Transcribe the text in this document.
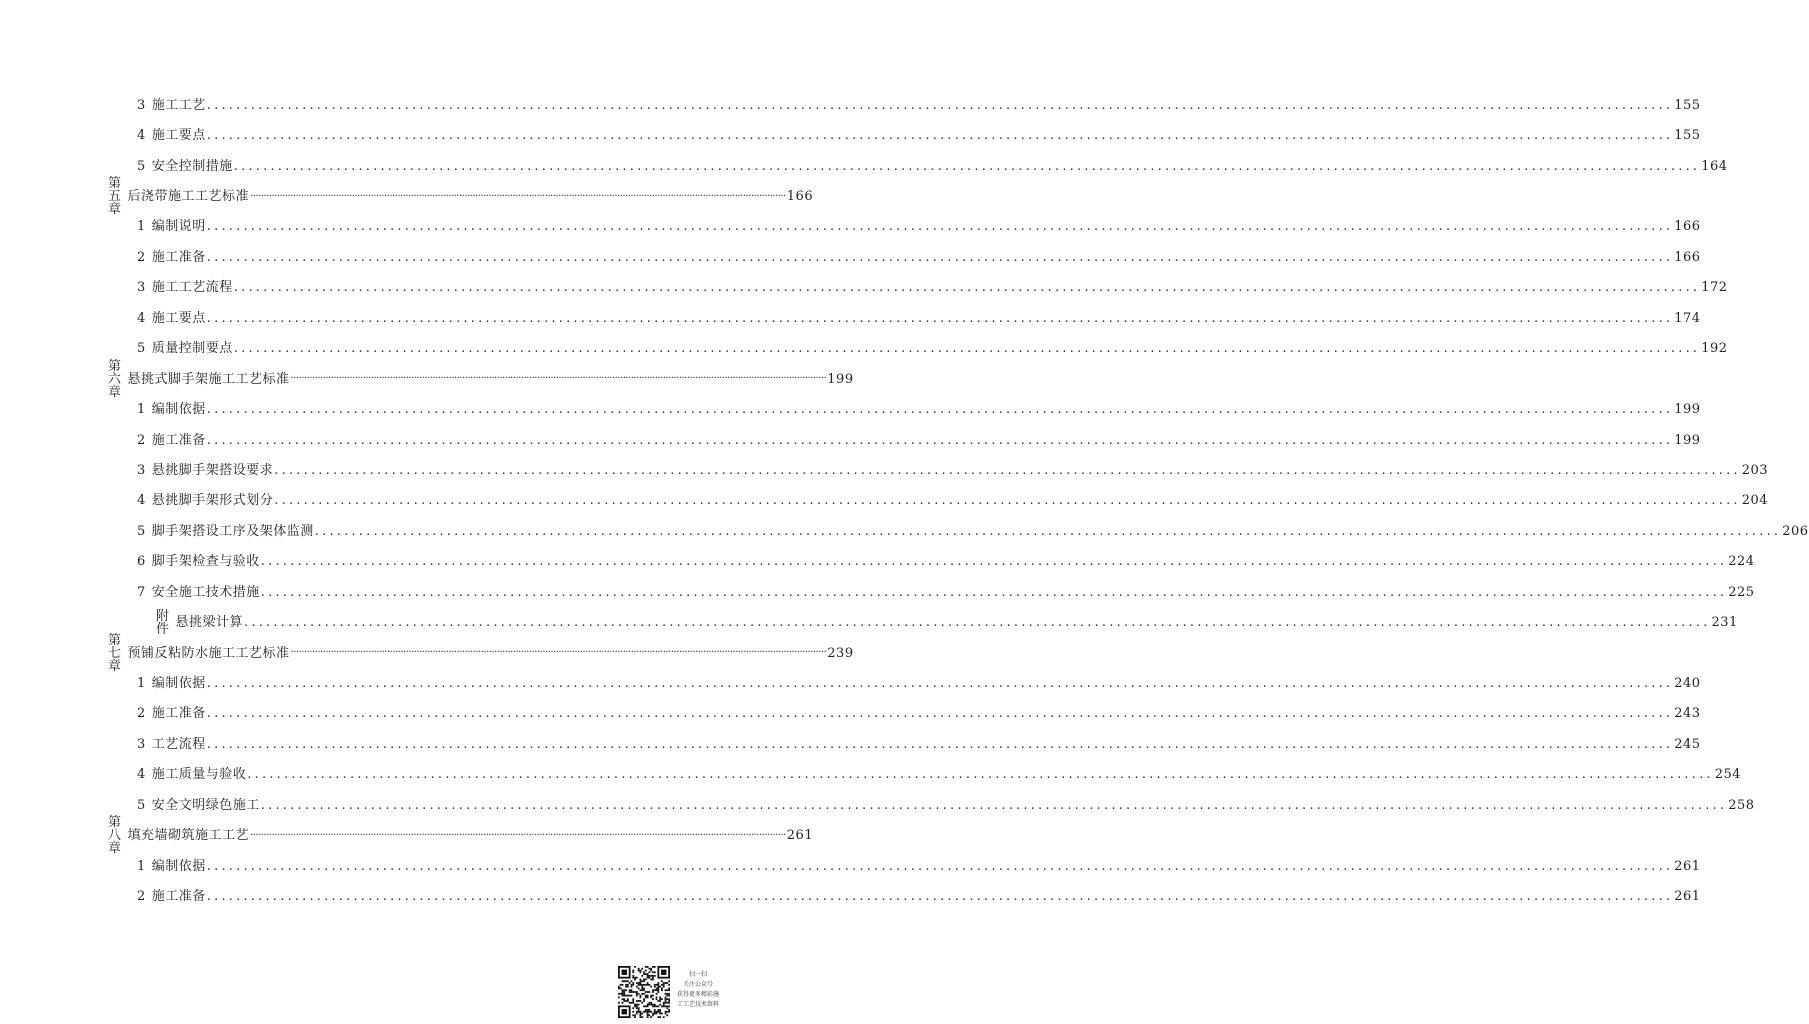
3 施工工艺 ........................................................................................................................................................................................................ 155
4 施工要点 ........................................................................................................................................................................................................ 155
5 安全控制措施 ........................................................................................................................................................................................................ 164
第五章
后浇带施工工艺标准 ········································································································································································································ 166
1 编制说明 ........................................................................................................................................................................................................ 166
2 施工准备 ........................................................................................................................................................................................................ 166
3 施工工艺流程 ........................................................................................................................................................................................................ 172
4 施工要点 ........................................................................................................................................................................................................ 174
5 质量控制要点 ........................................................................................................................................................................................................ 192
第六章
悬挑式脚手架施工工艺标准 ········································································································································································································ 199
1 编制依据 ........................................................................................................................................................................................................ 199
2 施工准备 ........................................................................................................................................................................................................ 199
3 悬挑脚手架搭设要求 ........................................................................................................................................................................................................ 203
4 悬挑脚手架形式划分 ........................................................................................................................................................................................................ 204
5 脚手架搭设工序及架体监测 ........................................................................................................................................................................................................ 206
6 脚手架检查与验收 ........................................................................................................................................................................................................ 224
7 安全施工技术措施 ........................................................................................................................................................................................................ 225
附件 悬挑梁计算 ........................................................................................................................................................................................................ 231
第七章
预铺反粘防水施工工艺标准 ········································································································································································································ 239
1 编制依据 ........................................................................................................................................................................................................ 240
2 施工准备 ........................................................................................................................................................................................................ 243
3 工艺流程 ........................................................................................................................................................................................................ 245
4 施工质量与验收 ........................................................................................................................................................................................................ 254
5 安全文明绿色施工 ........................................................................................................................................................................................................ 258
第八章
填充墙砌筑施工工艺 ········································································································································································································ 261
1 编制依据 ........................................................................................................................................................................................................ 261
2 施工准备 ........................................................................................................................................................................................................ 261
扫一扫
关注公众号
获得更多精彩施
工工艺技术资料
